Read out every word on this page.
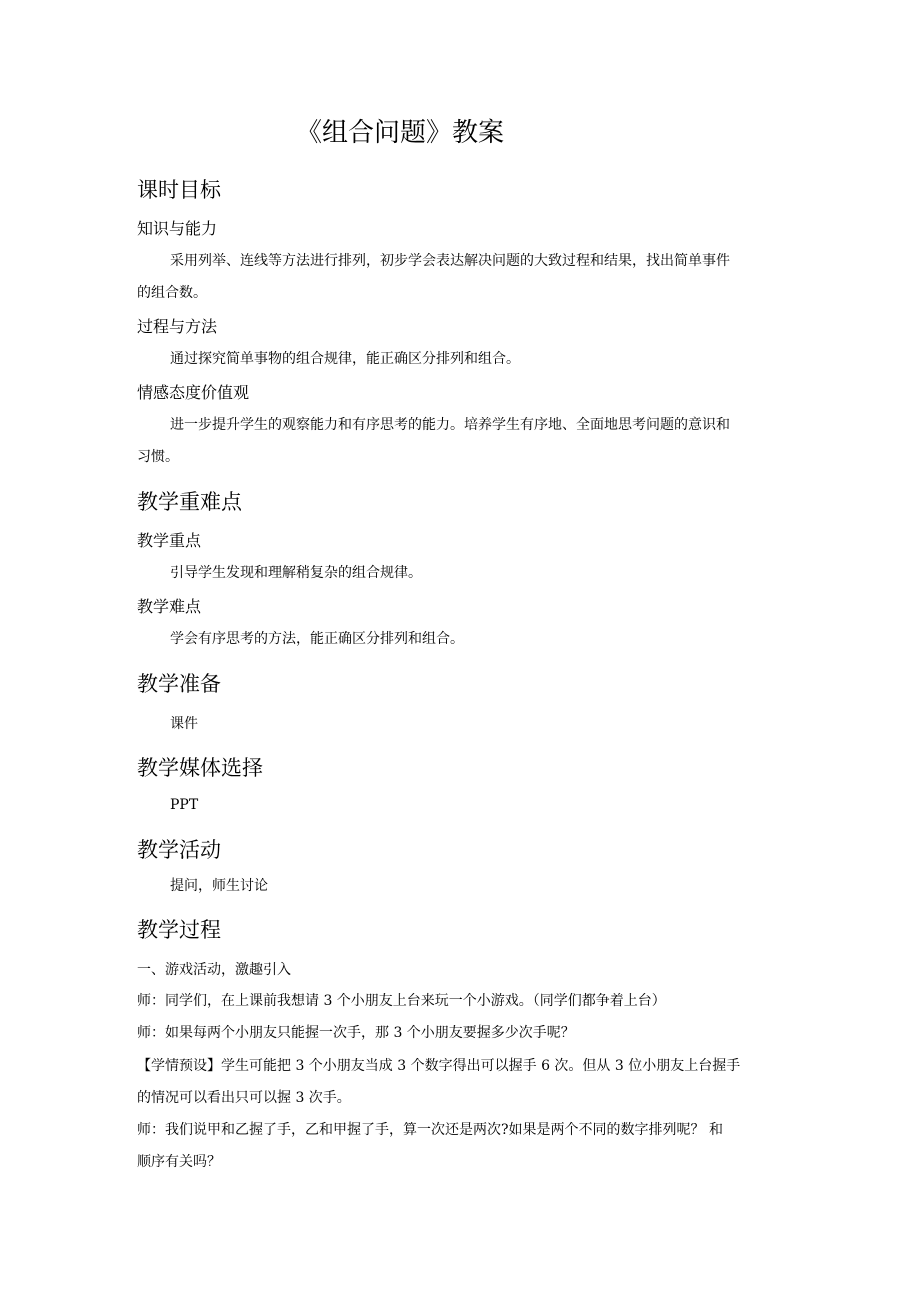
《组合问题》教案
课时目标
知识与能力
采用列举、连线等方法进行排列，初步学会表达解决问题的大致过程和结果，找出简单事件
的组合数。
过程与方法
通过探究简单事物的组合规律，能正确区分排列和组合。
情感态度价值观
进一步提升学生的观察能力和有序思考的能力。培养学生有序地、全面地思考问题的意识和
习惯。
教学重难点
教学重点
引导学生发现和理解稍复杂的组合规律。
教学难点
学会有序思考的方法，能正确区分排列和组合。
教学准备
课件
教学媒体选择
PPT
教学活动
提问，师生讨论
教学过程
一、游戏活动，激趣引入
师：同学们，在上课前我想请 3 个小朋友上台来玩一个小游戏。（同学们都争着上台）
师：如果每两个小朋友只能握一次手，那 3 个小朋友要握多少次手呢？
【学情预设】学生可能把 3 个小朋友当成 3 个数字得出可以握手 6 次。但从 3 位小朋友上台握手
的情况可以看出只可以握 3 次手。
师：我们说甲和乙握了手，乙和甲握了手，算一次还是两次?如果是两个不同的数字排列呢？ 和
顺序有关吗？
